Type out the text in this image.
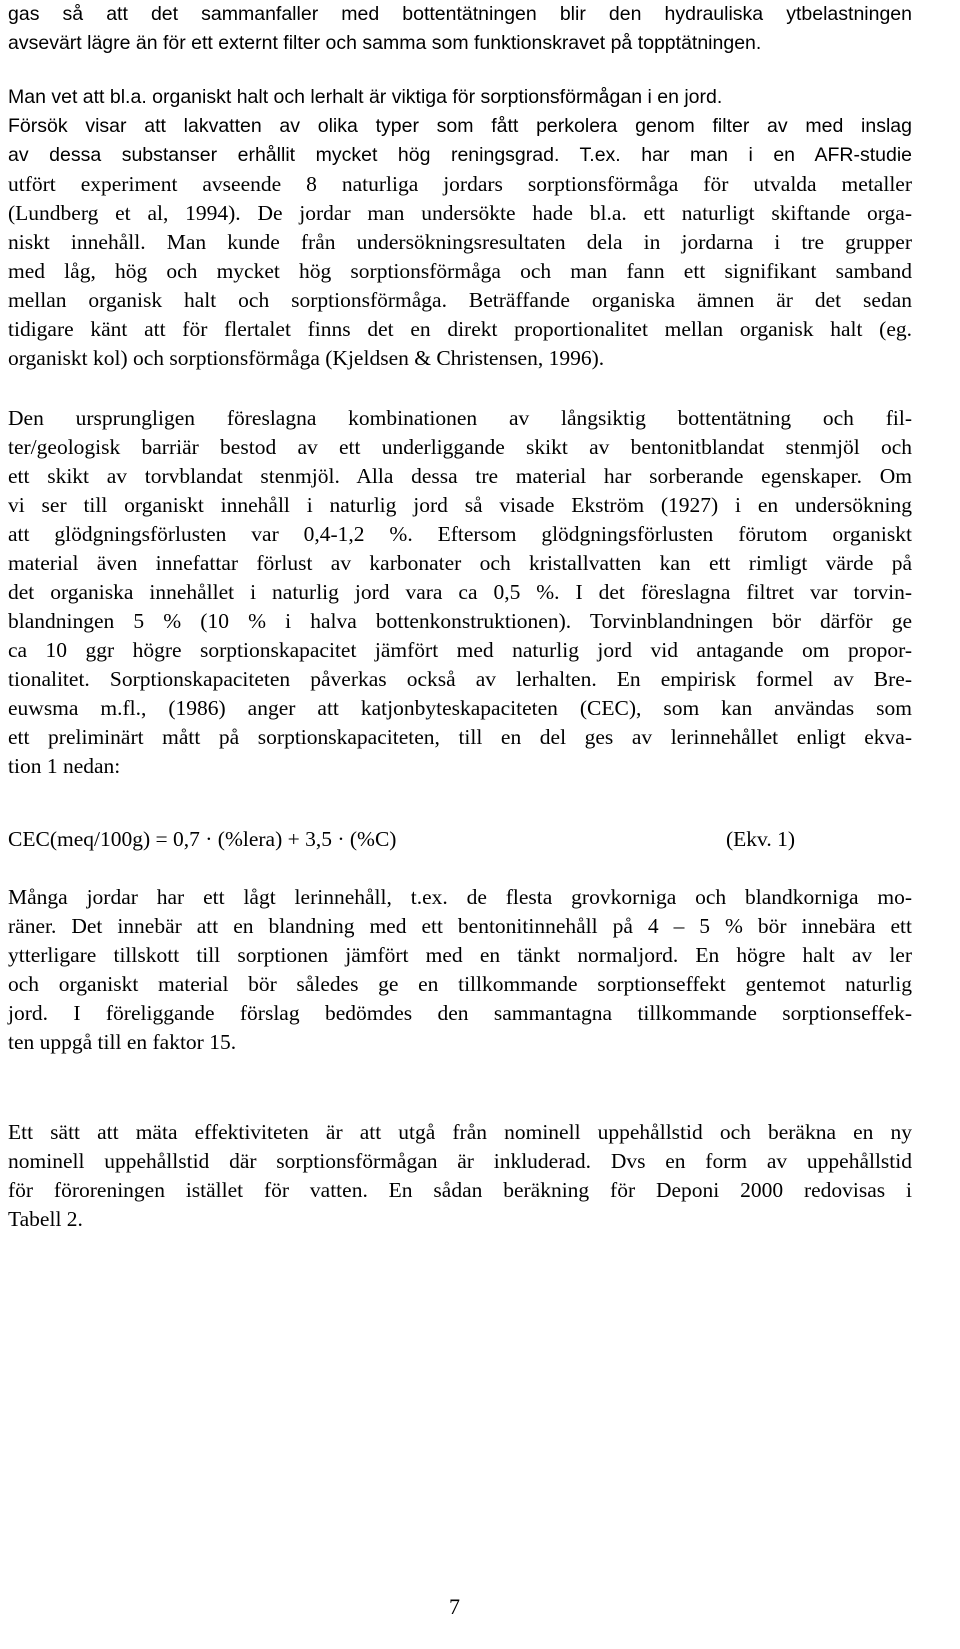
gas så att det sammanfaller med bottentätningen blir den hydrauliska ytbelastningen
avsevärt lägre än för ett externt filter och samma som funktionskravet på topptätningen.

Man vet att bl.a. organiskt halt och lerhalt är viktiga för sorptionsförmågan i en jord.
Försök visar att lakvatten av olika typer som fått perkolera genom filter av med inslag
av dessa substanser erhållit mycket hög reningsgrad. T.ex. har man i en AFR-studie
utfört experiment avseende 8 naturliga jordars sorptionsförmåga för utvalda metaller
(Lundberg et al, 1994). De jordar man undersökte hade bl.a. ett naturligt skiftande orga-
niskt innehåll. Man kunde från undersökningsresultaten dela in jordarna i tre grupper
med låg, hög och mycket hög sorptionsförmåga och man fann ett signifikant samband
mellan organisk halt och sorptionsförmåga. Beträffande organiska ämnen är det sedan
tidigare känt att för flertalet finns det en direkt proportionalitet mellan organisk halt (eg.
organiskt kol) och sorptionsförmåga (Kjeldsen & Christensen, 1996).

Den ursprungligen föreslagna kombinationen av långsiktig bottentätning och fil-
ter/geologisk barriär bestod av ett underliggande skikt av bentonitblandat stenmjöl och
ett skikt av torvblandat stenmjöl. Alla dessa tre material har sorberande egenskaper. Om
vi ser till organiskt innehåll i naturlig jord så visade Ekström (1927) i en undersökning
att glödgningsförlusten var 0,4-1,2 %. Eftersom glödgningsförlusten förutom organiskt
material även innefattar förlust av karbonater och kristallvatten kan ett rimligt värde på
det organiska innehållet i naturlig jord vara ca 0,5 %. I det föreslagna filtret var torvin-
blandningen 5 % (10 % i halva bottenkonstruktionen). Torvinblandningen bör därför ge
ca 10 ggr högre sorptionskapacitet jämfört med naturlig jord vid antagande om propor-
tionalitet. Sorptionskapaciteten påverkas också av lerhalten. En empirisk formel av Bre-
euwsma m.fl., (1986) anger att katjonbyteskapaciteten (CEC), som kan användas som
ett preliminärt mått på sorptionskapaciteten, till en del ges av lerinnehållet enligt ekva-
tion 1 nedan:

CEC(meq/100g) = 0,7 · (%lera) + 3,5 · (%C)	(Ekv. 1)

Många jordar har ett lågt lerinnehåll, t.ex. de flesta grovkorniga och blandkorniga mo-
räner. Det innebär att en blandning med ett bentonitinnehåll på 4 – 5 % bör innebära ett
ytterligare tillskott till sorptionen jämfört med en tänkt normaljord. En högre halt av ler
och organiskt material bör således ge en tillkommande sorptionseffekt gentemot naturlig
jord. I föreliggande förslag bedömdes den sammantagna tillkommande sorptionseffek-
ten uppgå till en faktor 15.

Ett sätt att mäta effektiviteten är att utgå från nominell uppehållstid och beräkna en ny
nominell uppehållstid där sorptionsförmågan är inkluderad. Dvs en form av uppehållstid
för föroreningen istället för vatten. En sådan beräkning för Deponi 2000 redovisas i
Tabell 2.

7
